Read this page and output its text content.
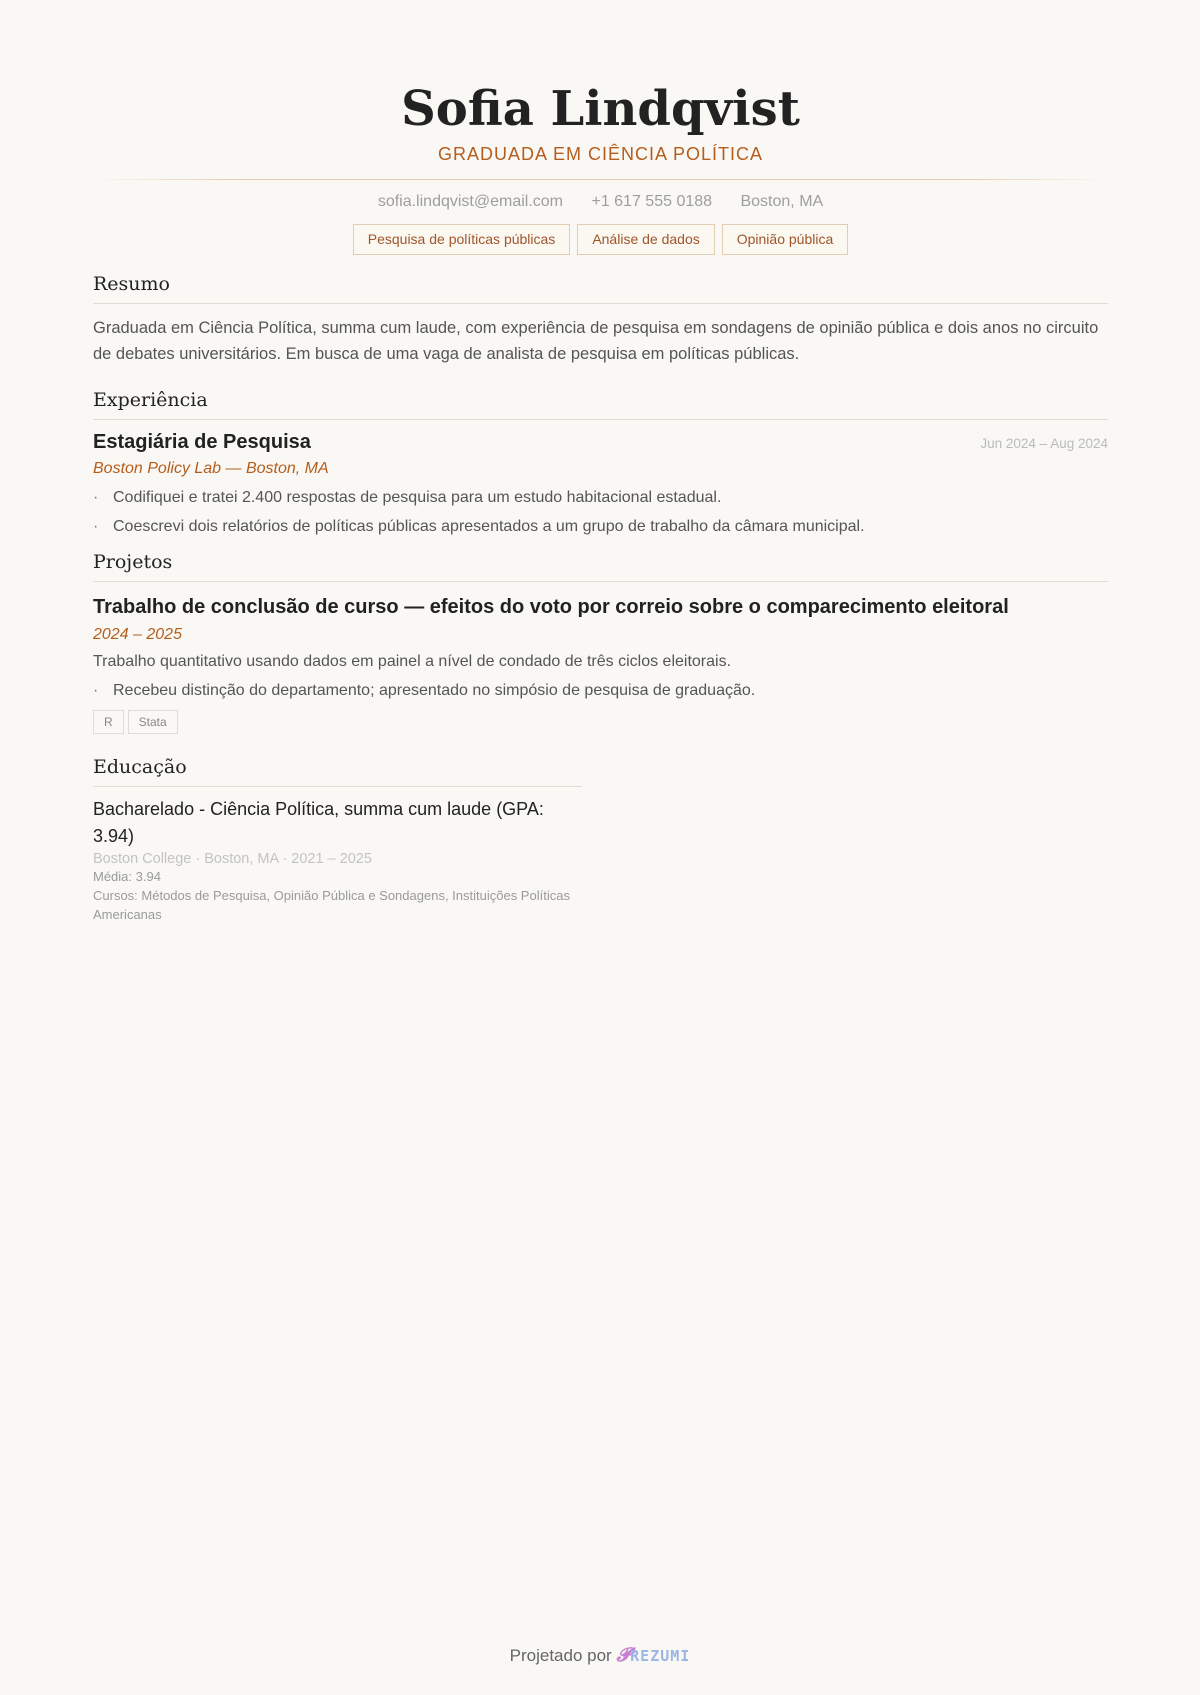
Sofia Lindqvist
GRADUADA EM CIÊNCIA POLÍTICA
sofia.lindqvist@email.com +1 617 555 0188 Boston, MA
Pesquisa de políticas públicas	Análise de dados	Opinião pública
Resumo

Graduada em Ciência Política, summa cum laude, com experiência de pesquisa em sondagens de opinião pública e dois anos no circuito de debates universitários. Em busca de uma vaga de analista de pesquisa em políticas públicas.

Experiência
Estagiária de Pesquisa	Jun 2024 – Aug 2024
Boston Policy Lab — Boston, MA
· Codifiquei e tratei 2.400 respostas de pesquisa para um estudo habitacional estadual.
· Coescrevi dois relatórios de políticas públicas apresentados a um grupo de trabalho da câmara municipal.
Projetos
Trabalho de conclusão de curso — efeitos do voto por correio sobre o comparecimento eleitoral
2024 – 2025
Trabalho quantitativo usando dados em painel a nível de condado de três ciclos eleitorais.
· Recebeu distinção do departamento; apresentado no simpósio de pesquisa de graduação.
R	Stata
Educação
Bacharelado - Ciência Política, summa cum laude (GPA: 3.94)
Boston College · Boston, MA · 2021 – 2025
Média: 3.94
Cursos: Métodos de Pesquisa, Opinião Pública e Sondagens, Instituições Políticas Americanas
Projetado por 𝓟REZUMI
